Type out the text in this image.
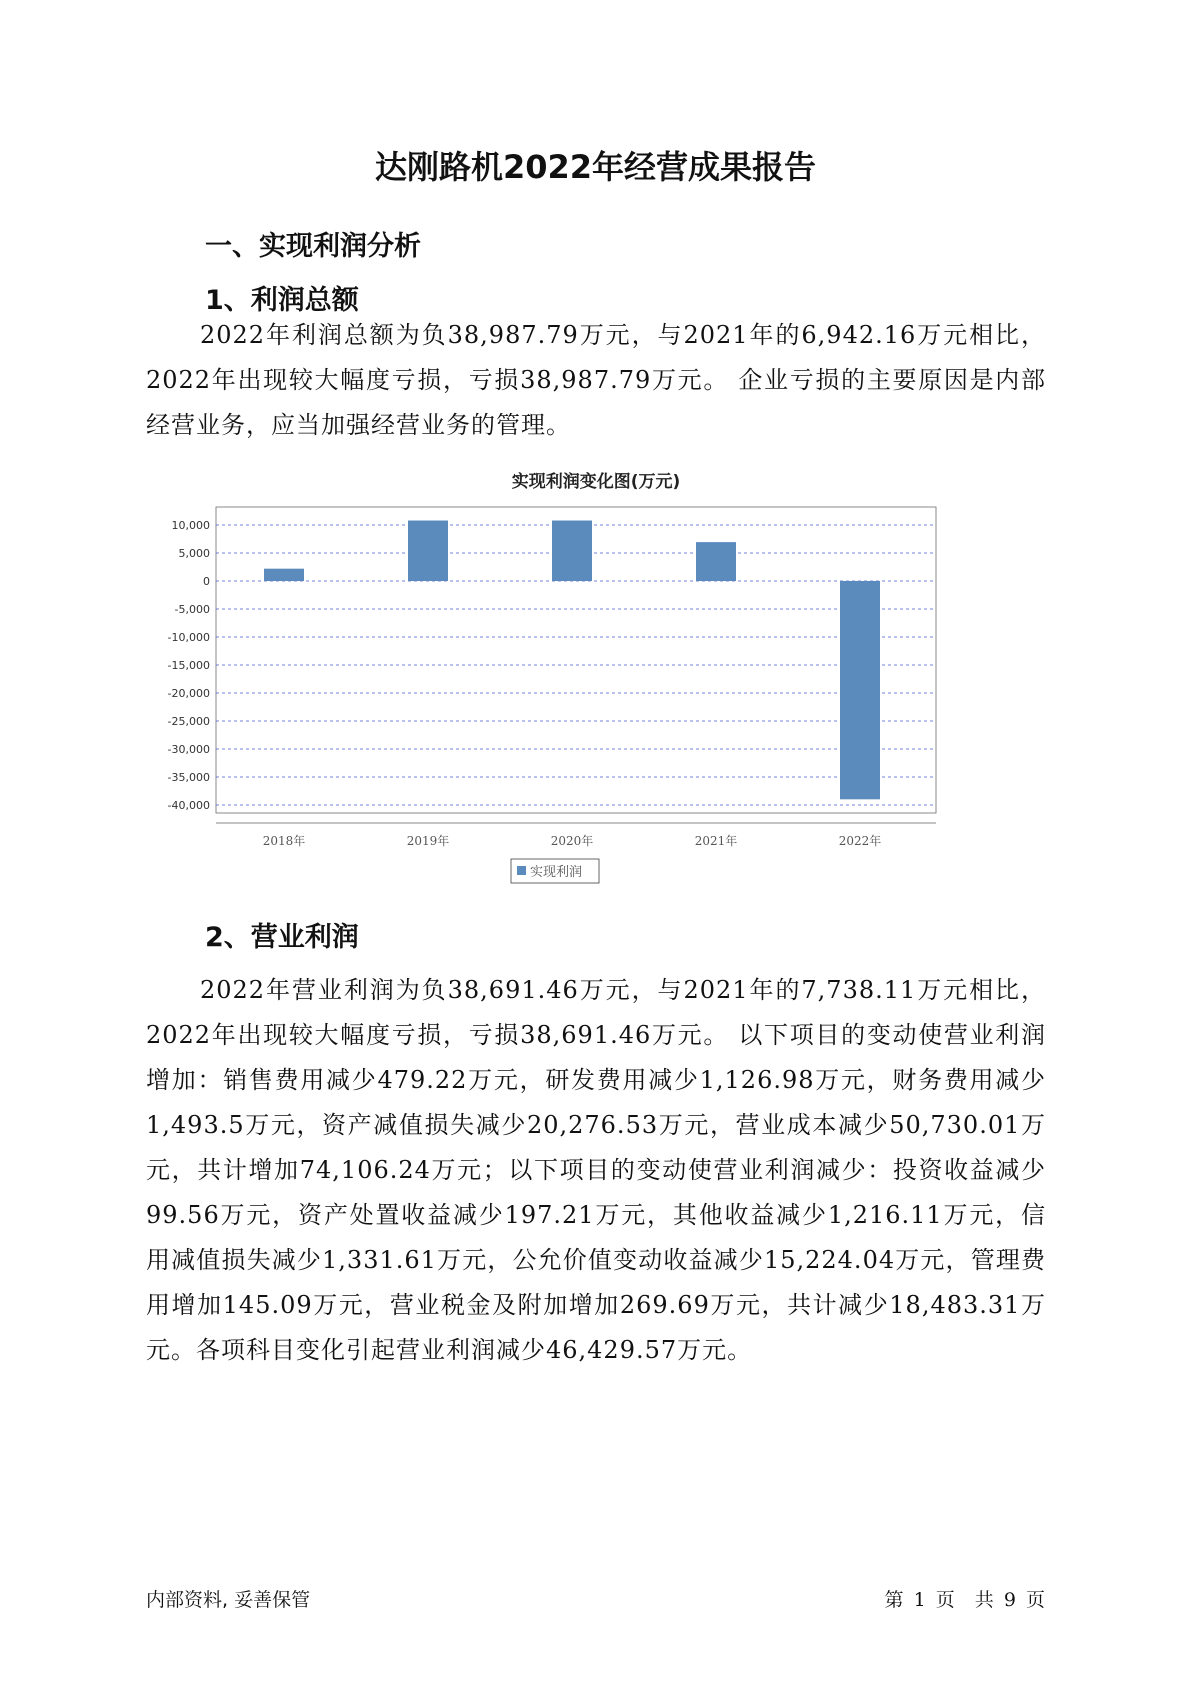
达刚路机2022年经营成果报告
一、实现利润分析
1、利润总额

2022年利润总额为负38,987.79万元，与2021年的6,942.16万元相比，2022年出现较大幅度亏损，亏损38,987.79万元。 企业亏损的主要原因是内部经营业务，应当加强经营业务的管理。

实现利润变化图(万元)
10,000
5,000
0
-5,000
-10,000
-15,000
-20,000
-25,000
-30,000
-35,000
-40,000
2018年	2019年	2020年	2021年	2022年
实现利润
2、营业利润

2022年营业利润为负38,691.46万元，与2021年的7,738.11万元相比，2022年出现较大幅度亏损，亏损38,691.46万元。 以下项目的变动使营业利润增加：销售费用减少479.22万元，研发费用减少1,126.98万元，财务费用减少1,493.5万元，资产减值损失减少20,276.53万元，营业成本减少50,730.01万元，共计增加74,106.24万元；以下项目的变动使营业利润减少：投资收益减少99.56万元，资产处置收益减少197.21万元，其他收益减少1,216.11万元，信用减值损失减少1,331.61万元，公允价值变动收益减少15,224.04万元，管理费用增加145.09万元，营业税金及附加增加269.69万元，共计减少18,483.31万元。各项科目变化引起营业利润减少46,429.57万元。

内部资料, 妥善保管	第 1 页  共 9 页
